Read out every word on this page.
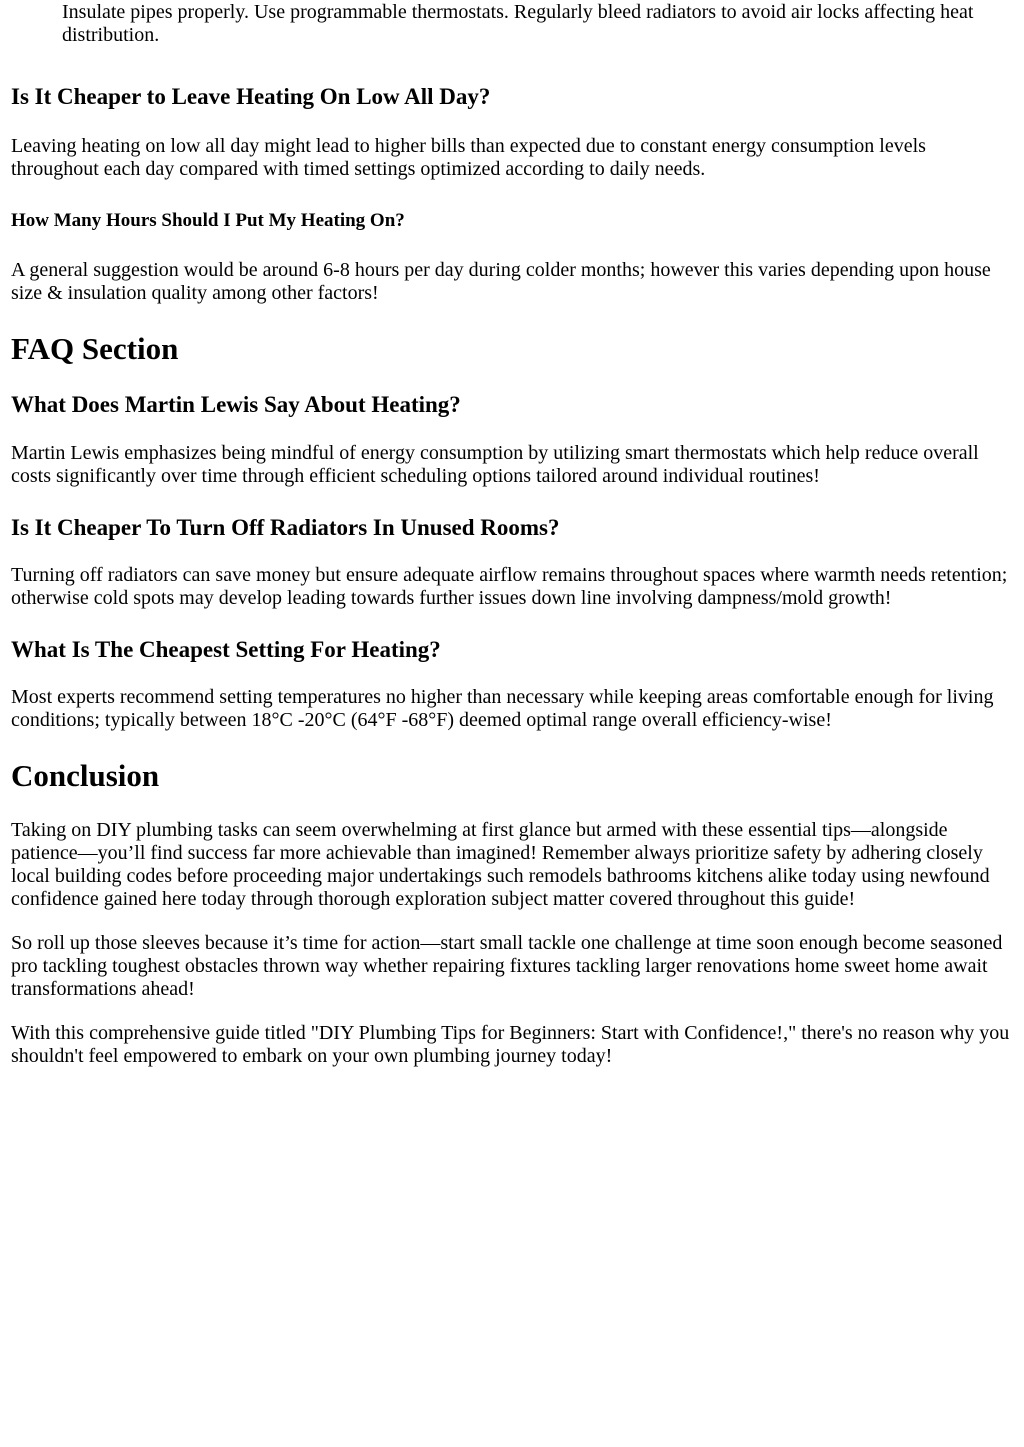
Insulate pipes properly. Use programmable thermostats. Regularly bleed radiators to avoid air locks affecting heat distribution.

Is It Cheaper to Leave Heating On Low All Day?

Leaving heating on low all day might lead to higher bills than expected due to constant energy consumption levels throughout each day compared with timed settings optimized according to daily needs.

How Many Hours Should I Put My Heating On?

A general suggestion would be around 6-8 hours per day during colder months; however this varies depending upon house size & insulation quality among other factors!

FAQ Section
What Does Martin Lewis Say About Heating?

Martin Lewis emphasizes being mindful of energy consumption by utilizing smart thermostats which help reduce overall costs significantly over time through efficient scheduling options tailored around individual routines!

Is It Cheaper To Turn Off Radiators In Unused Rooms?

Turning off radiators can save money but ensure adequate airflow remains throughout spaces where warmth needs retention; otherwise cold spots may develop leading towards further issues down line involving dampness/mold growth!

What Is The Cheapest Setting For Heating?

Most experts recommend setting temperatures no higher than necessary while keeping areas comfortable enough for living conditions; typically between 18°C -20°C (64°F -68°F) deemed optimal range overall efficiency-wise!

Conclusion

Taking on DIY plumbing tasks can seem overwhelming at first glance but armed with these essential tips—alongside patience—you’ll find success far more achievable than imagined! Remember always prioritize safety by adhering closely local building codes before proceeding major undertakings such remodels bathrooms kitchens alike today using newfound confidence gained here today through thorough exploration subject matter covered throughout this guide!

So roll up those sleeves because it’s time for action—start small tackle one challenge at time soon enough become seasoned pro tackling toughest obstacles thrown way whether repairing fixtures tackling larger renovations home sweet home await transformations ahead!

With this comprehensive guide titled "DIY Plumbing Tips for Beginners: Start with Confidence!," there's no reason why you shouldn't feel empowered to embark on your own plumbing journey today!
